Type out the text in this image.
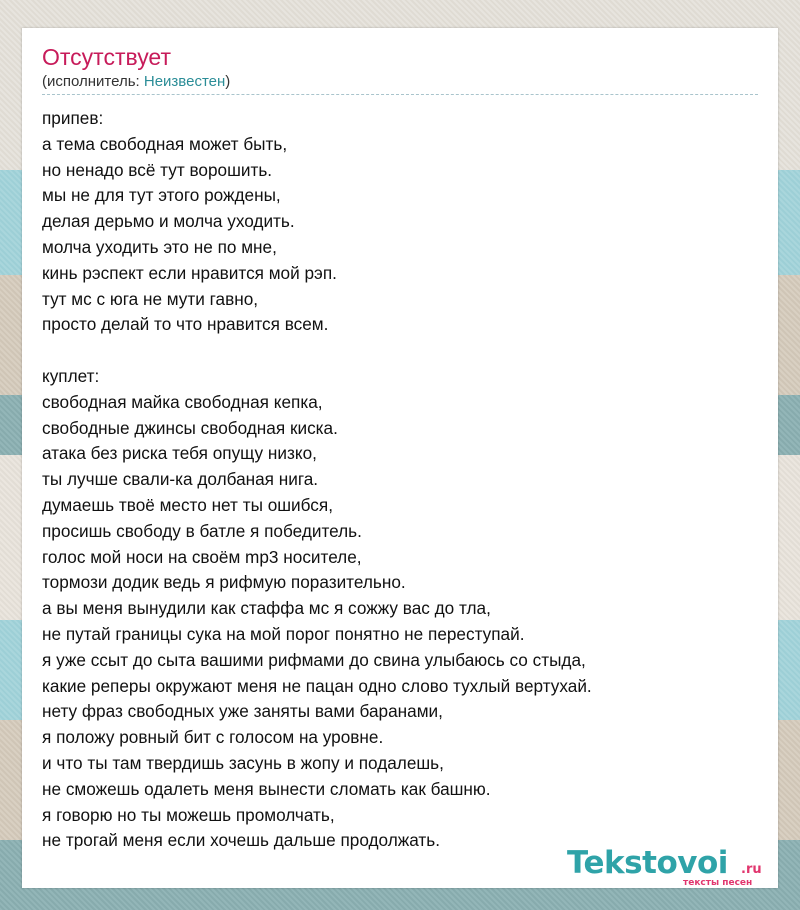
Отсутствует
(исполнитель: Неизвестен)
припев:
а тема свободная может быть,
но ненадо всё тут ворошить.
мы не для тут этого рождены,
делая дерьмо и молча уходить.
молча уходить это не по мне,
кинь рэспект если нравится мой рэп.
тут мс с юга не мути гавно,
просто делай то что нравится всем.
куплет:
свободная майка свободная кепка,
свободные джинсы свободная киска.
атака без риска тебя опущу низко,
ты лучше свали-ка долбаная нига.
думаешь твоё место нет ты ошибся,
просишь свободу в батле я победитель.
голос мой носи на своём mp3 носителе,
тормози додик ведь я рифмую поразительно.
а вы меня вынудили как стаффа мс я сожжу вас до тла,
не путай границы сука на мой порог понятно не переступай.
я уже ссыт до сыта вашими рифмами до свина улыбаюсь со стыда,
какие реперы окружают меня не пацан одно слово тухлый вертухай.
нету фраз свободных уже заняты вами баранами,
я положу ровный бит с голосом на уровне.
и что ты там твердишь засунь в жопу и подалешь,
не сможешь одалеть меня вынести сломать как башню.
я говорю но ты можешь промолчать,
не трогай меня если хочешь дальше продолжать.
Tekstovoi .ru
тексты песен
